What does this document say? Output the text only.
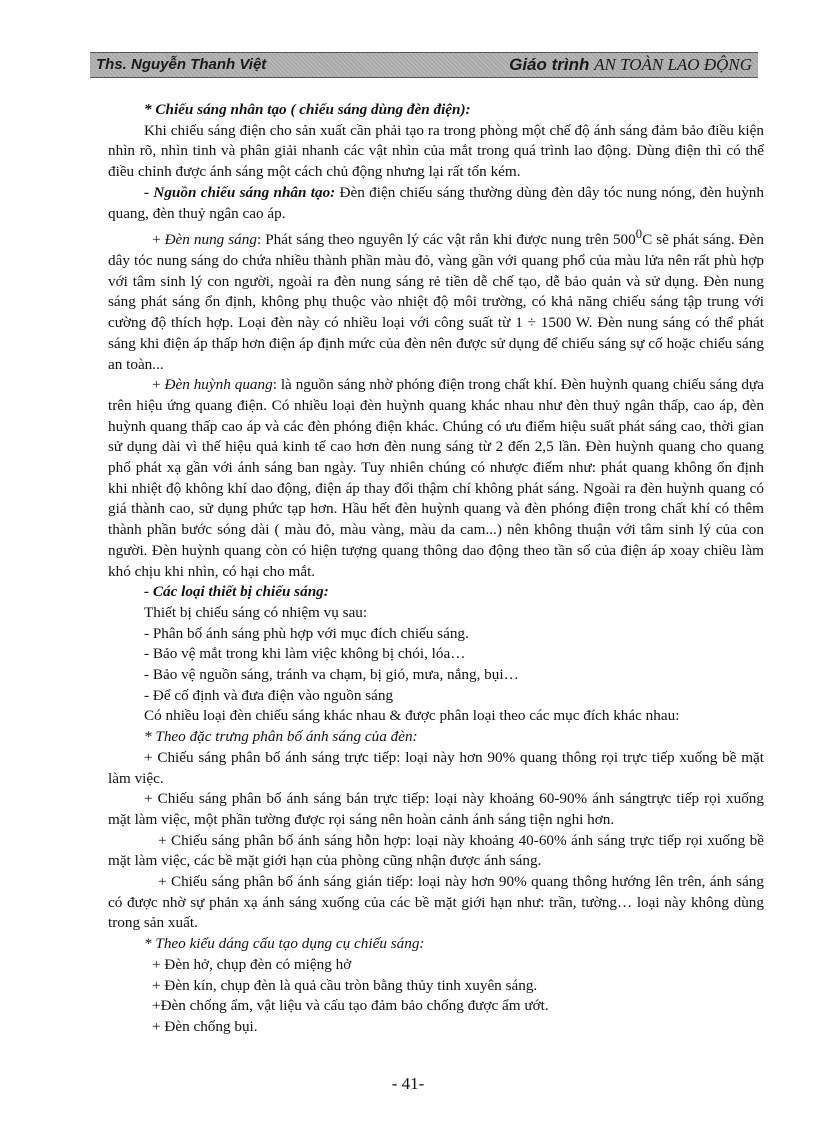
Ths. Nguyễn Thanh Việt	Giáo trình AN TOÀN LAO ĐỘNG

* Chiếu sáng nhân tạo ( chiếu sáng dùng đèn điện):

Khi chiếu sáng điện cho sản xuất cần phải tạo ra trong phòng một chế độ ánh sáng đảm bảo điều kiện nhìn rõ, nhìn tinh và phân giải nhanh các vật nhìn của mắt trong quá trình lao động. Dùng điện thì có thể điều chỉnh được ánh sáng một cách chủ động nhưng lại rất tốn kém.

- Nguồn chiếu sáng nhân tạo: Đèn điện chiếu sáng thường dùng đèn dây tóc nung nóng, đèn huỳnh quang, đèn thuỷ ngân cao áp.

+ Đèn nung sáng: Phát sáng theo nguyên lý các vật rắn khi được nung trên $500^0C$ sẽ phát sáng. Đèn dây tóc nung sáng do chứa nhiều thành phần màu đỏ, vàng gần với quang phổ của màu lửa nên rất phù hợp với tâm sinh lý con người, ngoài ra đèn nung sáng rẻ tiền dễ chế tạo, dễ bảo quản và sử dụng. Đèn nung sáng phát sáng ổn định, không phụ thuộc vào nhiệt độ môi trường, có khả năng chiếu sáng tập trung với cường độ thích hợp. Loại đèn này có nhiều loại với công suất từ 1 ÷ 1500 W. Đèn nung sáng có thể phát sáng khi điện áp thấp hơn điện áp định mức của đèn nên được sử dụng để chiếu sáng sự cố hoặc chiếu sáng an toàn...

+ Đèn huỳnh quang: là nguồn sáng nhờ phóng điện trong chất khí. Đèn huỳnh quang chiếu sáng dựa trên hiệu ứng quang điện. Có nhiều loại đèn huỳnh quang khác nhau như đèn thuỷ ngân thấp, cao áp, đèn huỳnh quang thấp cao áp và các đèn phóng điện khác. Chúng có ưu điểm hiệu suất phát sáng cao, thời gian sử dụng dài vì thế hiệu quả kinh tế cao hơn đèn nung sáng từ 2 đến 2,5 lần. Đèn huỳnh quang cho quang phổ phát xạ gần với ánh sáng ban ngày. Tuy nhiên chúng có nhược điểm như: phát quang không ổn định khi nhiệt độ không khí dao động, điện áp thay đổi thậm chí không phát sáng. Ngoài ra đèn huỳnh quang có giá thành cao, sử dụng phức tạp hơn. Hầu hết đèn huỳnh quang và đèn phóng điện trong chất khí có thêm thành phần bước sóng dài ( màu đỏ, màu vàng, màu da cam...) nên không thuận với tâm sinh lý của con người. Đèn huỳnh quang còn có hiện tượng quang thông dao động theo tần số của điện áp xoay chiều làm khó chịu khi nhìn, có hại cho mắt.

- Các loại thiết bị chiếu sáng:

Thiết bị chiếu sáng có nhiệm vụ sau:

- Phân bố ánh sáng phù hợp với mục đích chiếu sáng.

- Bảo vệ mắt trong khi làm việc không bị chói, lóa…

- Bảo vệ nguồn sáng, tránh va chạm, bị gió, mưa, nắng, bụi…

- Để cố định và đưa điện vào nguồn sáng

Có nhiều loại đèn chiếu sáng khác nhau & được phân loại theo các mục đích khác nhau:

* Theo đặc trưng phân bố ánh sáng của đèn:

+ Chiếu sáng phân bố ánh sáng trực tiếp: loại này hơn 90% quang thông rọi trực tiếp xuống bề mặt làm việc.

+ Chiếu sáng phân bố ánh sáng bán trực tiếp: loại này khoảng 60-90% ánh sángtrực tiếp rọi xuống mặt làm việc, một phần tường được rọi sáng nên hoàn cảnh ánh sáng tiện nghi hơn.

+ Chiếu sáng phân bố ánh sáng hỗn hợp: loại này khoảng 40-60% ánh sáng trực tiếp rọi xuống bề mặt làm việc, các bề mặt giới hạn của phòng cũng nhận được ánh sáng.

+ Chiếu sáng phân bố ánh sáng gián tiếp: loại này hơn 90% quang thông hướng lên trên, ánh sáng có được nhờ sự phản xạ ánh sáng xuống của các bề mặt giới hạn như: trần, tường… loại này không dùng trong sản xuất.

* Theo kiểu dáng cấu tạo dụng cụ chiếu sáng:

+ Đèn hở, chụp đèn có miệng hở

+ Đèn kín, chụp đèn là quả cầu tròn bằng thủy tinh xuyên sáng.

+Đèn chống ẩm, vật liệu và cấu tạo đảm bảo chống được ẩm ướt.

+ Đèn chống bụi.

- 41-
